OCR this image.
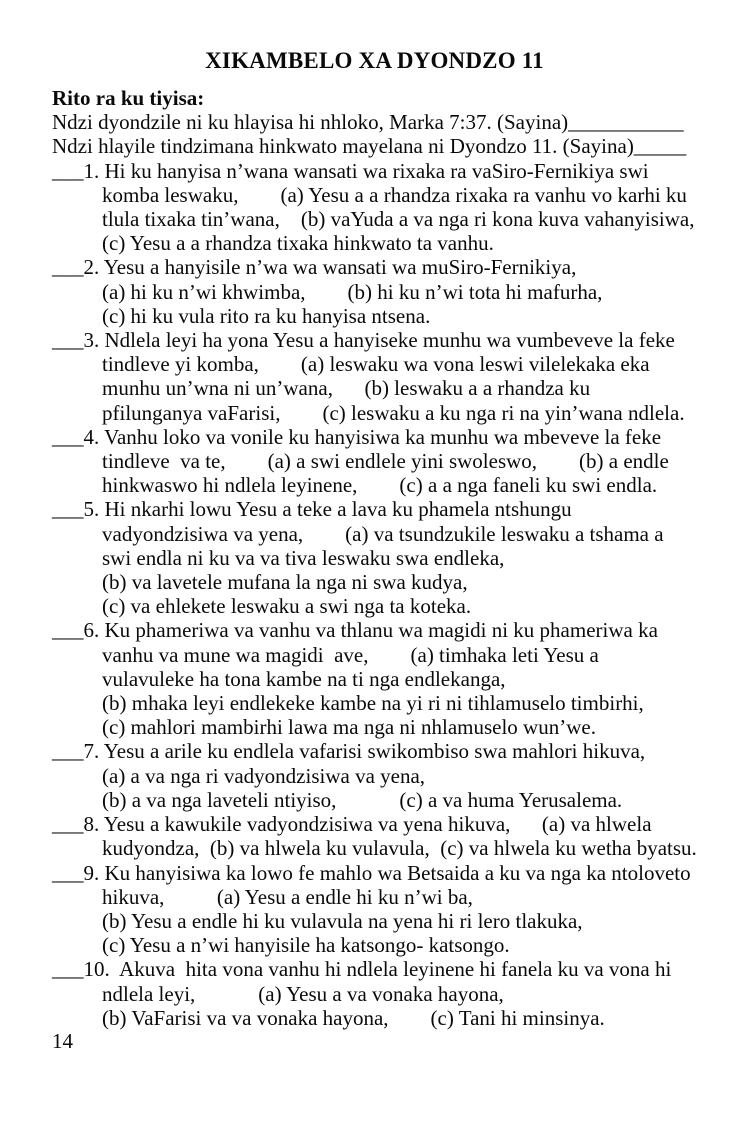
XIKAMBELO XA DYONDZO 11
Rito ra ku tiyisa:
Ndzi dyondzile ni ku hlayisa hi nhloko, Marka 7:37. (Sayina)___________
Ndzi hlayile tindzimana hinkwato mayelana ni Dyondzo 11. (Sayina)_____
___1. Hi ku hanyisa n’wana wansati wa rixaka ra vaSiro-Fernikiya swi
komba leswaku,        (a) Yesu a a rhandza rixaka ra vanhu vo karhi ku
tlula tixaka tin’wana,    (b) vaYuda a va nga ri kona kuva vahanyisiwa,
(c) Yesu a a rhandza tixaka hinkwato ta vanhu.
___2. Yesu a hanyisile n’wa wa wansati wa muSiro-Fernikiya,
(a) hi ku n’wi khwimba,        (b) hi ku n’wi tota hi mafurha,
(c) hi ku vula rito ra ku hanyisa ntsena.
___3. Ndlela leyi ha yona Yesu a hanyiseke munhu wa vumbeveve la feke
tindleve yi komba,        (a) leswaku wa vona leswi vilelekaka eka
munhu un’wna ni un’wana,      (b) leswaku a a rhandza ku
pfilunganya vaFarisi,        (c) leswaku a ku nga ri na yin’wana ndlela.
___4. Vanhu loko va vonile ku hanyisiwa ka munhu wa mbeveve la feke
tindleve  va te,        (a) a swi endlele yini swoleswo,        (b) a endle
hinkwaswo hi ndlela leyinene,        (c) a a nga faneli ku swi endla.
___5. Hi nkarhi lowu Yesu a teke a lava ku phamela ntshungu
vadyondzisiwa va yena,        (a) va tsundzukile leswaku a tshama a
swi endla ni ku va va tiva leswaku swa endleka,
(b) va lavetele mufana la nga ni swa kudya,
(c) va ehlekete leswaku a swi nga ta koteka.
___6. Ku phameriwa va vanhu va thlanu wa magidi ni ku phameriwa ka
vanhu va mune wa magidi  ave,        (a) timhaka leti Yesu a
vulavuleke ha tona kambe na ti nga endlekanga,
(b) mhaka leyi endlekeke kambe na yi ri ni tihlamuselo timbirhi,
(c) mahlori mambirhi lawa ma nga ni nhlamuselo wun’we.
___7. Yesu a arile ku endlela vafarisi swikombiso swa mahlori hikuva,
(a) a va nga ri vadyondzisiwa va yena,
(b) a va nga laveteli ntiyiso,            (c) a va huma Yerusalema.
___8. Yesu a kawukile vadyondzisiwa va yena hikuva,      (a) va hlwela
kudyondza,  (b) va hlwela ku vulavula,  (c) va hlwela ku wetha byatsu.
___9. Ku hanyisiwa ka lowo fe mahlo wa Betsaida a ku va nga ka ntoloveto
hikuva,          (a) Yesu a endle hi ku n’wi ba,
(b) Yesu a endle hi ku vulavula na yena hi ri lero tlakuka,
(c) Yesu a n’wi hanyisile ha katsongo- katsongo.
___10.  Akuva  hita vona vanhu hi ndlela leyinene hi fanela ku va vona hi
ndlela leyi,            (a) Yesu a va vonaka hayona,
(b) VaFarisi va va vonaka hayona,        (c) Tani hi minsinya.
14
